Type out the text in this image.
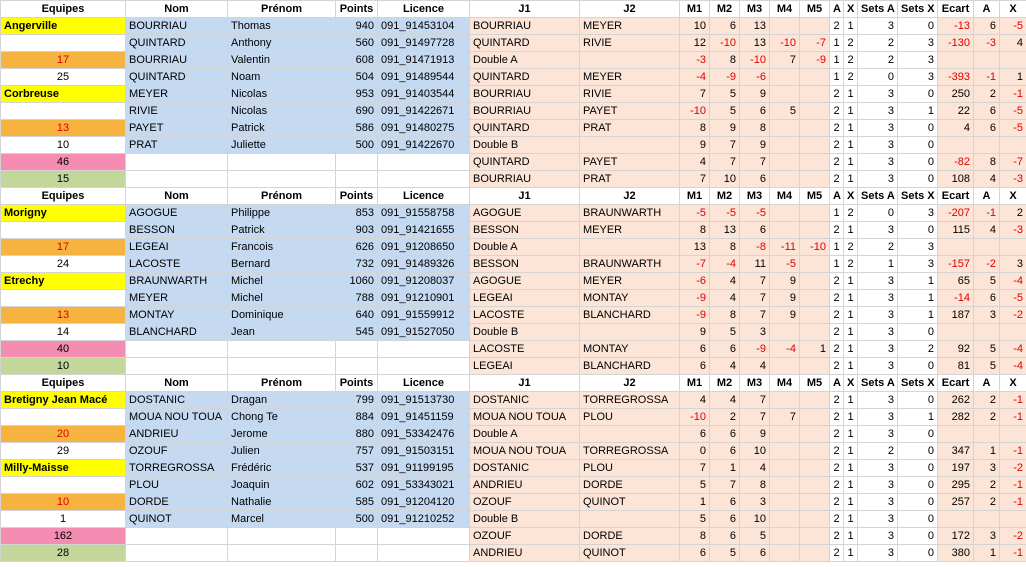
Equipes	Nom	Prénom	Points	Licence	J1	J2	M1	M2	M3	M4	M5	A	X	Sets A	Sets X	Ecart	A	X
Angerville	BOURRIAU	Thomas	940	091_91453104	BOURRIAU	MEYER	10	6	13			2	1	3	0	-13	6	-5
	QUINTARD	Anthony	560	091_91497728	QUINTARD	RIVIE	12	-10	13	-10	-7	1	2	2	3	-130	-3	4
17	BOURRIAU	Valentin	608	091_91471913	Double A		-3	8	-10	7	-9	1	2	2	3			
25	QUINTARD	Noam	504	091_91489544	QUINTARD	MEYER	-4	-9	-6			1	2	0	3	-393	-1	1
Corbreuse	MEYER	Nicolas	953	091_91403544	BOURRIAU	RIVIE	7	5	9			2	1	3	0	250	2	-1
	RIVIE	Nicolas	690	091_91422671	BOURRIAU	PAYET	-10	5	6	5		2	1	3	1	22	6	-5
13	PAYET	Patrick	586	091_91480275	QUINTARD	PRAT	8	9	8			2	1	3	0	4	6	-5
10	PRAT	Juliette	500	091_91422670	Double B		9	7	9			2	1	3	0			
46					QUINTARD	PAYET	4	7	7			2	1	3	0	-82	8	-7
15					BOURRIAU	PRAT	7	10	6			2	1	3	0	108	4	-3
Equipes	Nom	Prénom	Points	Licence	J1	J2	M1	M2	M3	M4	M5	A	X	Sets A	Sets X	Ecart	A	X
Morigny	AGOGUE	Philippe	853	091_91558758	AGOGUE	BRAUNWARTH	-5	-5	-5			1	2	0	3	-207	-1	2
	BESSON	Patrick	903	091_91421655	BESSON	MEYER	8	13	6			2	1	3	0	115	4	-3
17	LEGEAI	Francois	626	091_91208650	Double A		13	8	-8	-11	-10	1	2	2	3			
24	LACOSTE	Bernard	732	091_91489326	BESSON	BRAUNWARTH	-7	-4	11	-5		1	2	1	3	-157	-2	3
Etrechy	BRAUNWARTH	Michel	1060	091_91208037	AGOGUE	MEYER	-6	4	7	9		2	1	3	1	65	5	-4
	MEYER	Michel	788	091_91210901	LEGEAI	MONTAY	-9	4	7	9		2	1	3	1	-14	6	-5
13	MONTAY	Dominique	640	091_91559912	LACOSTE	BLANCHARD	-9	8	7	9		2	1	3	1	187	3	-2
14	BLANCHARD	Jean	545	091_91527050	Double B		9	5	3			2	1	3	0			
40					LACOSTE	MONTAY	6	6	-9	-4	1	2	1	3	2	92	5	-4
10					LEGEAI	BLANCHARD	6	4	4			2	1	3	0	81	5	-4
Equipes	Nom	Prénom	Points	Licence	J1	J2	M1	M2	M3	M4	M5	A	X	Sets A	Sets X	Ecart	A	X
Bretigny Jean Macé	DOSTANIC	Dragan	799	091_91513730	DOSTANIC	TORREGROSSA	4	4	7			2	1	3	0	262	2	-1
	MOUA NOU TOUA	Chong Te	884	091_91451159	MOUA NOU TOUA	PLOU	-10	2	7	7		2	1	3	1	282	2	-1
20	ANDRIEU	Jerome	880	091_53342476	Double A		6	6	9			2	1	3	0			
29	OZOUF	Julien	757	091_91503151	MOUA NOU TOUA	TORREGROSSA	0	6	10			2	1	2	0	347	1	-1
Milly-Maisse	TORREGROSSA	Frédéric	537	091_91199195	DOSTANIC	PLOU	7	1	4			2	1	3	0	197	3	-2
	PLOU	Joaquin	602	091_53343021	ANDRIEU	DORDE	5	7	8			2	1	3	0	295	2	-1
10	DORDE	Nathalie	585	091_91204120	OZOUF	QUINOT	1	6	3			2	1	3	0	257	2	-1
1	QUINOT	Marcel	500	091_91210252	Double B		5	6	10			2	1	3	0			
162					OZOUF	DORDE	8	6	5			2	1	3	0	172	3	-2
28					ANDRIEU	QUINOT	6	5	6			2	1	3	0	380	1	-1
